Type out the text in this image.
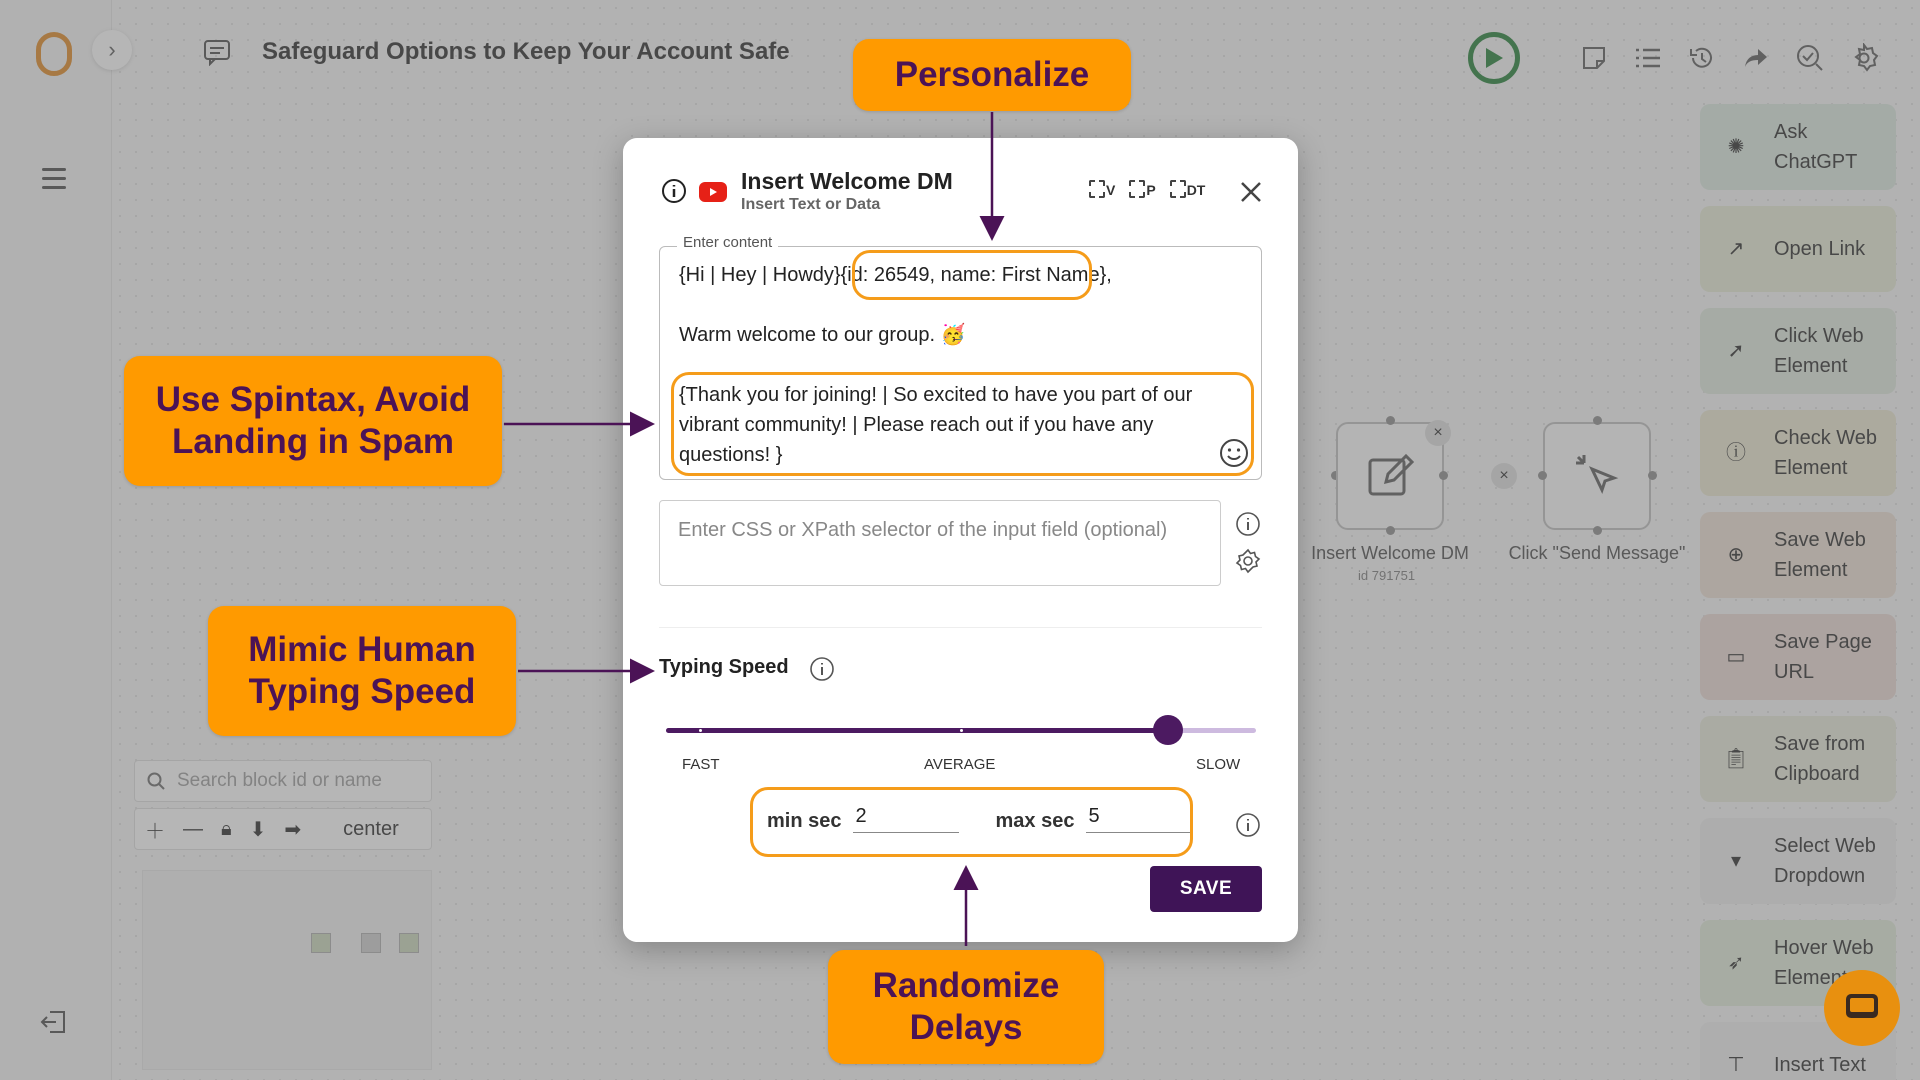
Insert Welcome DM
Insert Text or Data
V P DT
Enter content
{Hi | Hey | Howdy}{id: 26549, name: First Name},

Warm welcome to our group. 🥳

{Thank you for joining! | So excited to have you part of our
vibrant community! | Please reach out if you have any
questions! }
Enter CSS or XPath selector of the input field (optional)
Typing Speed
FAST	AVERAGE	SLOW
min sec 2	max sec 5
SAVE
Personalize
Use Spintax, Avoid
Landing in Spam
Mimic Human
Typing Speed
Randomize
Delays
